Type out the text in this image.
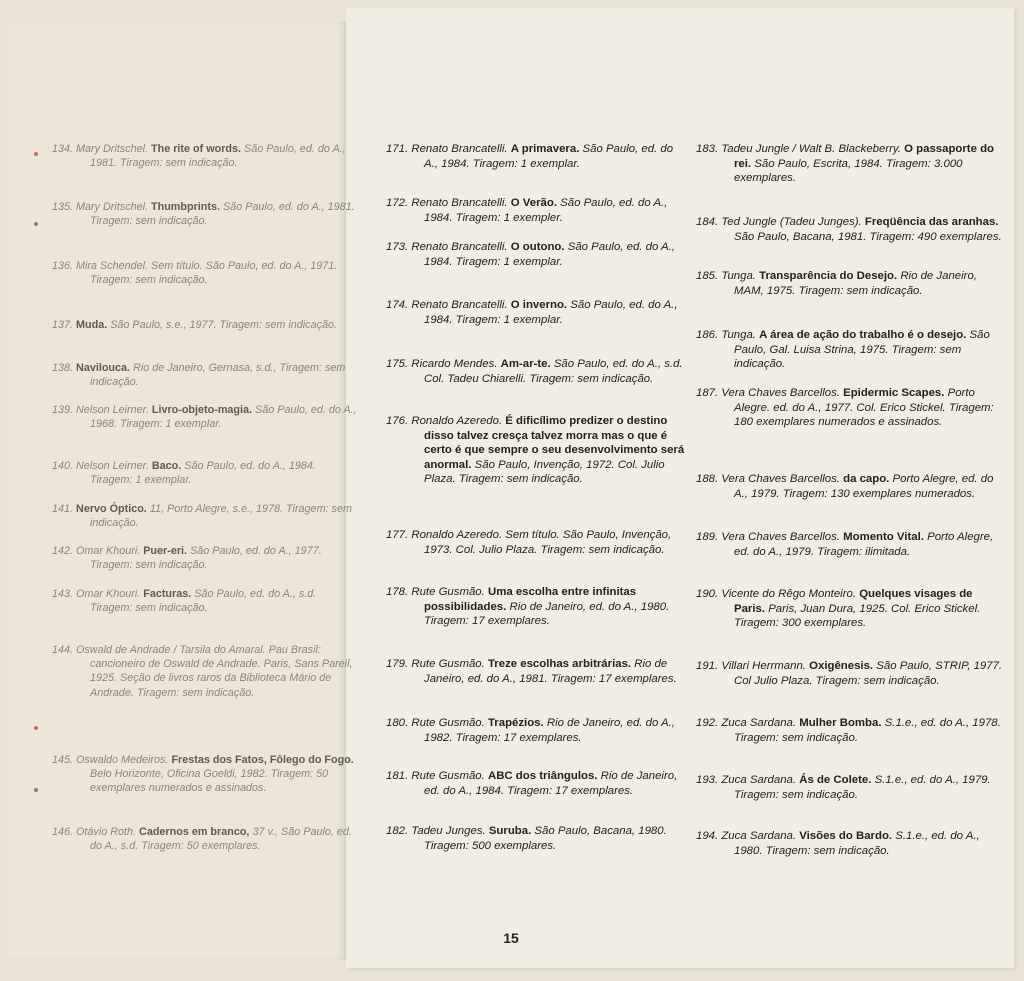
134. Mary Dritschel. The rite of words. São Paulo, ed. do A., 1981. Tiragem: sem indicação.
135. Mary Dritschel. Thumbprints. São Paulo, ed. do A., 1981. Tiragem: sem indicação.
136. Mira Schendel. Sem título. São Paulo, ed. do A., 1971. Tiragem: sem indicação.
137. Muda. São Paulo, s.e., 1977. Tiragem: sem indicação.
138. Navilouca. Rio de Janeiro, Gernasa, s.d., Tiragem: sem indicação.
139. Nelson Leirner. Livro-objeto-magia. São Paulo, ed. do A., 1968. Tiragem: 1 exemplar.
140. Nelson Leirner. Baco. São Paulo, ed. do A., 1984. Tiragem: 1 exemplar.
141. Nervo Óptico. 11, Porto Alegre, s.e., 1978. Tiragem: sem indicação.
142. Omar Khouri. Puer-eri. São Paulo, ed. do A., 1977. Tiragem: sem indicação.
143. Omar Khouri. Facturas. São Paulo, ed. do A., s.d. Tiragem: sem indicação.
144. Oswald de Andrade / Tarsila do Amaral. Pau Brasil: cancioneiro de Oswald de Andrade. Paris, Sans Pareil, 1925. Seção de livros raros da Biblioteca Mário de Andrade. Tiragem: sem indicação.
145. Oswaldo Medeiros. Frestas dos Fatos, Fôlego do Fogo. Belo Horizonte, Oficina Goeldi, 1982. Tiragem: 50 exemplares numerados e assinados.
146. Otávio Roth. Cadernos em branco, 37 v., São Paulo, ed. do A., s.d. Tiragem: 50 exemplares.
171. Renato Brancatelli. A primavera. São Paulo, ed. do A., 1984. Tiragem: 1 exemplar.
172. Renato Brancatelli. O Verão. São Paulo, ed. do A., 1984. Tiragem: 1 exempler.
173. Renato Brancatelli. O outono. São Paulo, ed. do A., 1984. Tiragem: 1 exemplar.
174. Renato Brancatelli. O inverno. São Paulo, ed. do A., 1984. Tiragem: 1 exemplar.
175. Ricardo Mendes. Am-ar-te. São Paulo, ed. do A., s.d. Col. Tadeu Chiarelli. Tiragem: sem indicação.
176. Ronaldo Azeredo. É dificílimo predizer o destino disso talvez cresça talvez morra mas o que é certo é que sempre o seu desenvolvimento será anormal. São Paulo, Invenção, 1972. Col. Julio Plaza. Tiragem: sem indicação.
177. Ronaldo Azeredo. Sem título. São Paulo, Invenção, 1973. Col. Julio Plaza. Tiragem: sem indicação.
178. Rute Gusmão. Uma escolha entre infinitas possibilidades. Rio de Janeiro, ed. do A., 1980. Tiragem: 17 exemplares.
179. Rute Gusmão. Treze escolhas arbitrárias. Rio de Janeiro, ed. do A., 1981. Tiragem: 17 exemplares.
180. Rute Gusmão. Trapézios. Rio de Janeiro, ed. do A., 1982. Tiragem: 17 exemplares.
181. Rute Gusmão. ABC dos triângulos. Rio de Janeiro, ed. do A., 1984. Tiragem: 17 exemplares.
182. Tadeu Junges. Suruba. São Paulo, Bacana, 1980. Tiragem: 500 exemplares.
183. Tadeu Jungle / Walt B. Blackeberry. O passaporte do rei. São Paulo, Escrita, 1984. Tiragem: 3.000 exemplares.
184. Ted Jungle (Tadeu Junges). Freqüência das aranhas. São Paulo, Bacana, 1981. Tiragem: 490 exemplares.
185. Tunga. Transparência do Desejo. Rio de Janeiro, MAM, 1975. Tiragem: sem indicação.
186. Tunga. A área de ação do trabalho é o desejo. São Paulo, Gal. Luisa Strina, 1975. Tiragem: sem indicação.
187. Vera Chaves Barcellos. Epidermic Scapes. Porto Alegre. ed. do A., 1977. Col. Erico Stickel. Tiragem: 180 exemplares numerados e assinados.
188. Vera Chaves Barcellos. da capo. Porto Alegre, ed. do A., 1979. Tiragem: 130 exemplares numerados.
189. Vera Chaves Barcellos. Momento Vital. Porto Alegre, ed. do A., 1979. Tiragem: ilimitada.
190. Vicente do Rêgo Monteiro. Quelques visages de Paris. Paris, Juan Dura, 1925. Col. Erico Stickel. Tiragem: 300 exemplares.
191. Villari Herrmann. Oxigênesis. São Paulo, STRIP, 1977. Col Julio Plaza. Tiragem: sem indicação.
192. Zuca Sardana. Mulher Bomba. S.1.e., ed. do A., 1978. Tiragem: sem indicação.
193. Zuca Sardana. Ás de Colete. S.1.e., ed. do A., 1979. Tiragem: sem indicação.
194. Zuca Sardana. Visões do Bardo. S.1.e., ed. do A., 1980. Tiragem: sem indicação.
15
